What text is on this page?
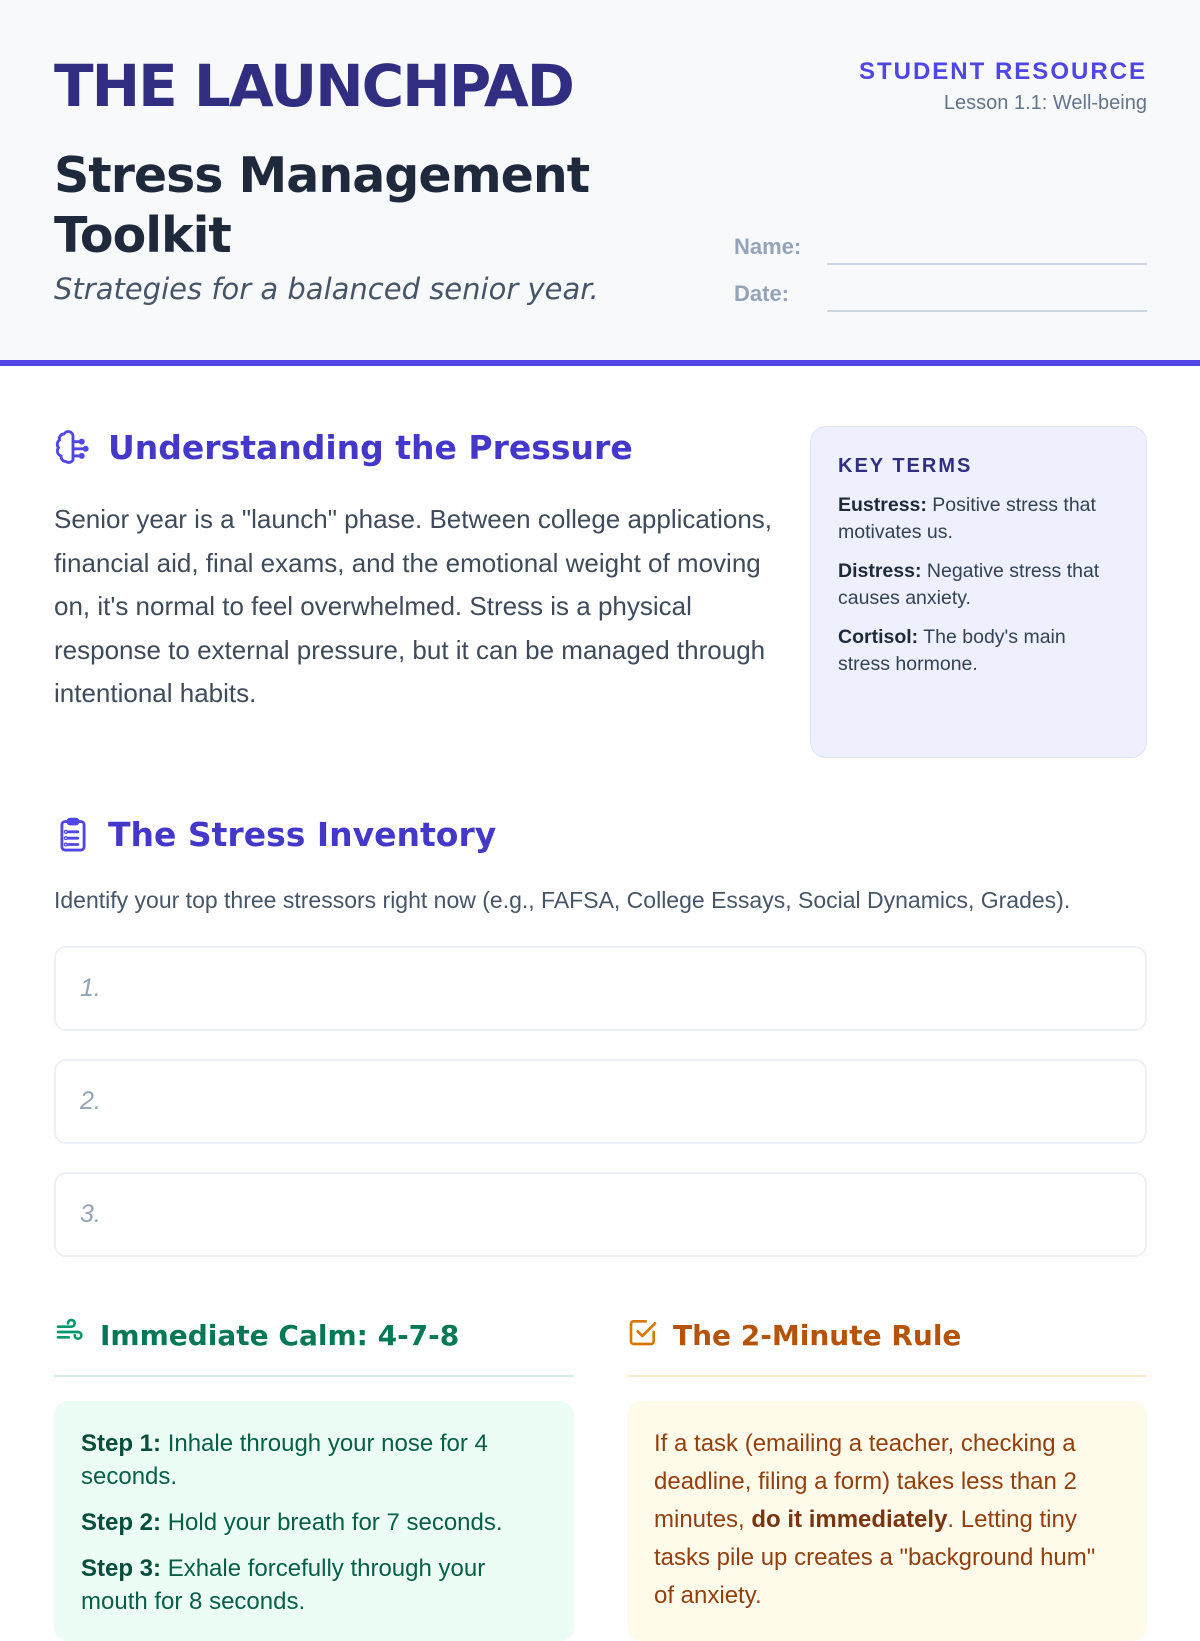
THE LAUNCHPAD
Stress Management Toolkit
Strategies for a balanced senior year.
STUDENT RESOURCE
Lesson 1.1: Well-being
Name:
Date:
Understanding the Pressure

Senior year is a "launch" phase. Between college applications, financial aid, final exams, and the emotional weight of moving on, it's normal to feel overwhelmed. Stress is a physical response to external pressure, but it can be managed through intentional habits.

KEY TERMS
Eustress: Positive stress that motivates us.
Distress: Negative stress that causes anxiety.
Cortisol: The body's main stress hormone.
The Stress Inventory
Identify your top three stressors right now (e.g., FAFSA, College Essays, Social Dynamics, Grades).
1.
2.
3.
Immediate Calm: 4-7-8
Step 1: Inhale through your nose for 4 seconds.
Step 2: Hold your breath for 7 seconds.
Step 3: Exhale forcefully through your mouth for 8 seconds.
The 2-Minute Rule
If a task (emailing a teacher, checking a deadline, filing a form) takes less than 2 minutes, do it immediately. Letting tiny tasks pile up creates a "background hum" of anxiety.
